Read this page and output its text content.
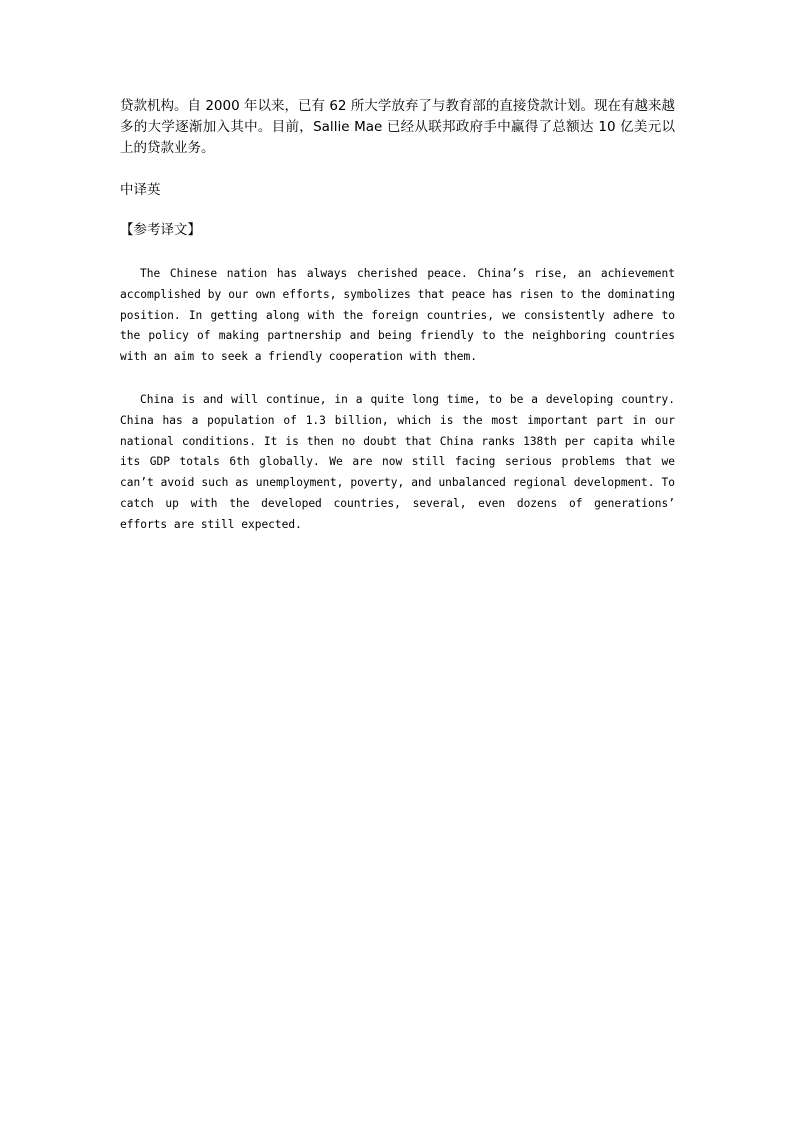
贷款机构。自 2000 年以来，已有 62 所大学放弃了与教育部的直接贷款计划。现在有越来越多的大学逐渐加入其中。目前，Sallie Mae 已经从联邦政府手中赢得了总额达 10 亿美元以上的贷款业务。

中译英

【参考译文】

The Chinese nation has always cherished peace. China’s rise, an achievement accomplished by our own efforts, symbolizes that peace has risen to the dominating position. In getting along with the foreign countries, we consistently adhere to the policy of making partnership and being friendly to the neighboring countries with an aim to seek a friendly cooperation with them.

China is and will continue, in a quite long time, to be a developing country. China has a population of 1.3 billion, which is the most important part in our national conditions. It is then no doubt that China ranks 138th per capita while its GDP totals 6th globally. We are now still facing serious problems that we can’t avoid such as unemployment, poverty, and unbalanced regional development. To catch up with the developed countries, several, even dozens of generations’ efforts are still expected.
